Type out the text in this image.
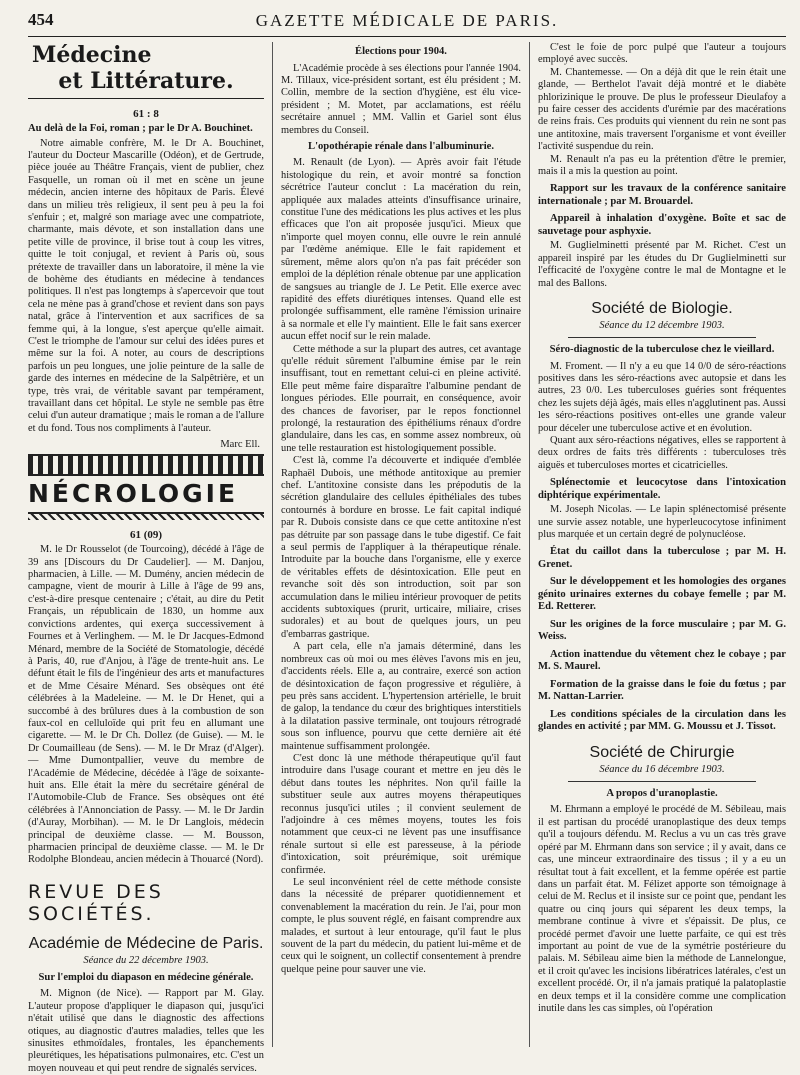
454	GAZETTE MÉDICALE DE PARIS.
Médecine
et Littérature.
61 : 8

Au delà de la Foi, roman ; par le Dr A. Bouchinet.

Notre aimable confrère, M. le Dr A. Bouchinet, l'auteur du Docteur Mascarille (Odéon), et de Gertrude, pièce jouée au Théâtre Français, vient de publier, chez Fasquelle, un roman où il met en scène un jeune médecin, ancien interne des hôpitaux de Paris. Élevé dans un milieu très religieux, il sent peu à peu la foi s'enfuir ; et, malgré son mariage avec une compatriote, charmante, mais dévote, et son installation dans une petite ville de province, il brise tout à coup les vitres, quitte le toit conjugal, et revient à Paris où, sous prétexte de travailler dans un laboratoire, il mène la vie de bohème des étudiants en médecine à tendances politiques. Il n'est pas longtemps à s'apercevoir que tout cela ne mène pas à grand'chose et revient dans son pays natal, grâce à l'intervention et aux sacrifices de sa femme qui, à la longue, s'est aperçue qu'elle aimait. C'est le triomphe de l'amour sur celui des idées pures et même sur la foi. A noter, au cours de descriptions parfois un peu longues, une jolie peinture de la salle de garde des internes en médecine de la Salpêtrière, et un type, très vrai, de véritable savant par tempérament, travaillant dans cet hôpital. Le style ne semble pas être celui d'un auteur dramatique ; mais le roman a de l'allure et du fond. Tous nos compliments à l'auteur.

Marc Ell.
NÉCROLOGIE
61 (09)

M. le Dr Rousselot (de Tourcoing), décédé à l'âge de 39 ans [Discours du Dr Caudelier]. — M. Danjou, pharmacien, à Lille. — M. Dumény, ancien médecin de campagne, vient de mourir à Lille à l'âge de 99 ans, c'est-à-dire presque centenaire ; c'était, au dire du Petit Français, un républicain de 1830, un homme aux convictions ardentes, qui exerça successivement à Fournes et à Verlinghem. — M. le Dr Jacques-Edmond Ménard, membre de la Société de Stomatologie, décédé à Paris, 40, rue d'Anjou, à l'âge de trente-huit ans. Le défunt était le fils de l'ingénieur des arts et manufactures et de Mme Césaire Ménard. Ses obsèques ont été célébrées à la Madeleine. — M. le Dr Henet, qui a succombé à des brûlures dues à la combustion de son faux-col en celluloïde qui prit feu en allumant une cigarette. — M. le Dr Ch. Dollez (de Guise). — M. le Dr Coumailleau (de Sens). — M. le Dr Mraz (d'Alger). — Mme Dumontpallier, veuve du membre de l'Académie de Médecine, décédée à l'âge de soixante-huit ans. Elle était la mère du secrétaire général de l'Automobile-Club de France. Ses obsèques ont été célébrées à l'Annonciation de Passy. — M. le Dr Jardin (d'Auray, Morbihan). — M. le Dr Langlois, médecin principal de deuxième classe. — M. Bousson, pharmacien principal de deuxième classe. — M. le Dr Rodolphe Blondeau, ancien médecin à Thouarcé (Nord).

REVUE DES SOCIÉTÉS.
Académie de Médecine de Paris.
Séance du 22 décembre 1903.
Sur l'emploi du diapason en médecine générale.

M. Mignon (de Nice). — Rapport par M. Glay. L'auteur propose d'appliquer le diapason qui, jusqu'ici n'était utilisé que dans le diagnostic des affections otiques, au diagnostic d'autres maladies, telles que les sinusites ethmoïdales, frontales, les épanchements pleurétiques, les hépatisations pulmonaires, etc. C'est un moyen nouveau et qui peut rendre de signalés services.

Élections pour 1904.

L'Académie procède à ses élections pour l'année 1904. M. Tillaux, vice-président sortant, est élu président ; M. Collin, membre de la section d'hygiène, est élu vice-président ; M. Motet, par acclamations, est réélu secrétaire annuel ; MM. Vallin et Gariel sont élus membres du Conseil.

L'opothérapie rénale dans l'albuminurie.

M. Renault (de Lyon). — Après avoir fait l'étude histologique du rein, et avoir montré sa fonction sécrétrice l'auteur conclut : La macération du rein, appliquée aux malades atteints d'insuffisance urinaire, constitue l'une des médications les plus actives et les plus efficaces que l'on ait proposée jusqu'ici. Mieux que n'importe quel moyen connu, elle ouvre le rein annulé par l'œdème anémique. Elle le fait rapidement et sûrement, même alors qu'on n'a pas fait précéder son emploi de la déplétion rénale obtenue par une application de sangsues au triangle de J. Le Petit. Elle exerce avec rapidité des effets diurétiques intenses. Quand elle est prolongée suffisamment, elle ramène l'émission urinaire à sa normale et elle l'y maintient. Elle le fait sans exercer aucun effet nocif sur le rein malade.

Cette méthode a sur la plupart des autres, cet avantage qu'elle réduit sûrement l'albumine émise par le rein insuffisant, tout en remettant celui-ci en pleine activité. Elle peut même faire disparaître l'albumine pendant de longues périodes. Elle pourrait, en conséquence, avoir des chances de favoriser, par le repos fonctionnel prolongé, la restauration des épithéliums rénaux d'ordre glandulaire, dans les cas, en somme assez nombreux, où une telle restauration est histologiquement possible.

C'est là, comme l'a découverte et indiquée d'emblée Raphaël Dubois, une méthode antitoxique au premier chef. L'antitoxine consiste dans les prépodutis de la sécrétion glandulaire des cellules épithéliales des tubes contournés à bordure en brosse. Le fait capital indiqué par R. Dubois consiste dans ce que cette antitoxine n'est pas détruite par son passage dans le tube digestif. Ce fait a seul permis de l'appliquer à la thérapeutique rénale. Introduite par la bouche dans l'organisme, elle y exerce de véritables effets de désintoxication. Elle peut en revanche soit dès son introduction, soit par son accumulation dans le milieu intérieur provoquer de petits accidents subtoxiques (prurit, urticaire, miliaire, crises sudorales) et au bout de quelques jours, un peu d'embarras gastrique.

A part cela, elle n'a jamais déterminé, dans les nombreux cas où moi ou mes élèves l'avons mis en jeu, d'accidents réels. Elle a, au contraire, exercé son action de désintoxication de façon progressive et régulière, à peu près sans accident. L'hypertension artérielle, le bruit de galop, la tendance du cœur des brightiques interstitiels à la dilatation passive terminale, ont toujours rétrogradé sous son influence, pourvu que cette dernière ait été maintenue suffisamment prolongée.

C'est donc là une méthode thérapeutique qu'il faut introduire dans l'usage courant et mettre en jeu dès le début dans toutes les néphrites. Non qu'il faille la substituer seule aux autres moyens thérapeutiques reconnus jusqu'ici utiles ; il convient seulement de l'adjoindre à ces mêmes moyens, toutes les fois notamment que ceux-ci ne lèvent pas une insuffisance rénale surtout si elle est paresseuse, à la période d'intoxication, soit préurémique, soit urémique confirmée.

Le seul inconvénient réel de cette méthode consiste dans la nécessité de préparer quotidiennement et convenablement la macération du rein. Je l'ai, pour mon compte, le plus souvent réglé, en faisant comprendre aux malades, et surtout à leur entourage, qu'il faut le plus souvent de la part du médecin, du patient lui-même et de ceux qui le soignent, un collectif consentement à prendre quelque peine pour sauver une vie.

C'est le foie de porc pulpé que l'auteur a toujours employé avec succès.

M. Chantemesse. — On a déjà dit que le rein était une glande, — Berthelot l'avait déjà montré et le diabète phlorizinique le prouve. De plus le professeur Dieulafoy a pu faire cesser des accidents d'urémie par des macérations de reins frais. Ces produits qui viennent du rein ne sont pas une antitoxine, mais traversent l'organisme et vont éveiller l'activité suspendue du rein.

M. Renault n'a pas eu la prétention d'être le premier, mais il a mis la question au point.

Rapport sur les travaux de la conférence sanitaire internationale ; par M. Brouardel.

Appareil à inhalation d'oxygène. Boîte et sac de sauvetage pour asphyxie.

M. Guglielminetti présenté par M. Richet. C'est un appareil inspiré par les études du Dr Guglielminetti sur l'efficacité de l'oxygène contre le mal de Montagne et le mal des Ballons.

Société de Biologie.
Séance du 12 décembre 1903.
Séro-diagnostic de la tuberculose chez le vieillard.

M. Froment. — Il n'y a eu que 14 0/0 de séro-réactions positives dans les séro-réactions avec autopsie et dans les autres, 23 0/0. Les tuberculoses guéries sont fréquentes chez les sujets déjà âgés, mais elles n'agglutinent pas. Aussi les séro-réactions positives ont-elles une grande valeur pour déceler une tuberculose active et en évolution.

Quant aux séro-réactions négatives, elles se rapportent à deux ordres de faits très différents : tuberculoses très aiguës et tuberculoses mortes et cicatricielles.

Splénectomie et leucocytose dans l'intoxication diphtérique expérimentale.

M. Joseph Nicolas. — Le lapin splénectomisé présente une survie assez notable, une hyperleucocytose infiniment plus marquée et un certain degré de polynucléose.

État du caillot dans la tuberculose ; par M. H. Grenet.

Sur le développement et les homologies des organes génito urinaires externes du cobaye femelle ; par M. Ed. Retterer.

Sur les origines de la force musculaire ; par M. G. Weiss.

Action inattendue du vêtement chez le cobaye ; par M. S. Maurel.

Formation de la graisse dans le foie du fœtus ; par M. Nattan-Larrier.

Les conditions spéciales de la circulation dans les glandes en activité ; par MM. G. Moussu et J. Tissot.

Société de Chirurgie
Séance du 16 décembre 1903.
A propos d'uranoplastie.

M. Ehrmann a employé le procédé de M. Sébileau, mais il est partisan du procédé uranoplastique des deux temps qu'il a toujours défendu. M. Reclus a vu un cas très grave opéré par M. Ehrmann dans son service ; il y avait, dans ce cas, une minceur extraordinaire des tissus ; il y a eu un résultat tout à fait excellent, et la femme opérée est partie dans un parfait état. M. Félizet apporte son témoignage à celui de M. Reclus et il insiste sur ce point que, pendant les quatre ou cinq jours qui séparent les deux temps, la membrane continue à vivre et s'épaissit. De plus, ce procédé permet d'avoir une luette parfaite, ce qui est très important au point de vue de la symétrie postérieure du palais. M. Sébileau aime bien la méthode de Lannelongue, et il croit qu'avec les incisions libératrices latérales, c'est un excellent procédé. Or, il n'a jamais pratiqué la palatoplastie en deux temps et il la considère comme une complication inutile dans les cas simples, où l'opération
